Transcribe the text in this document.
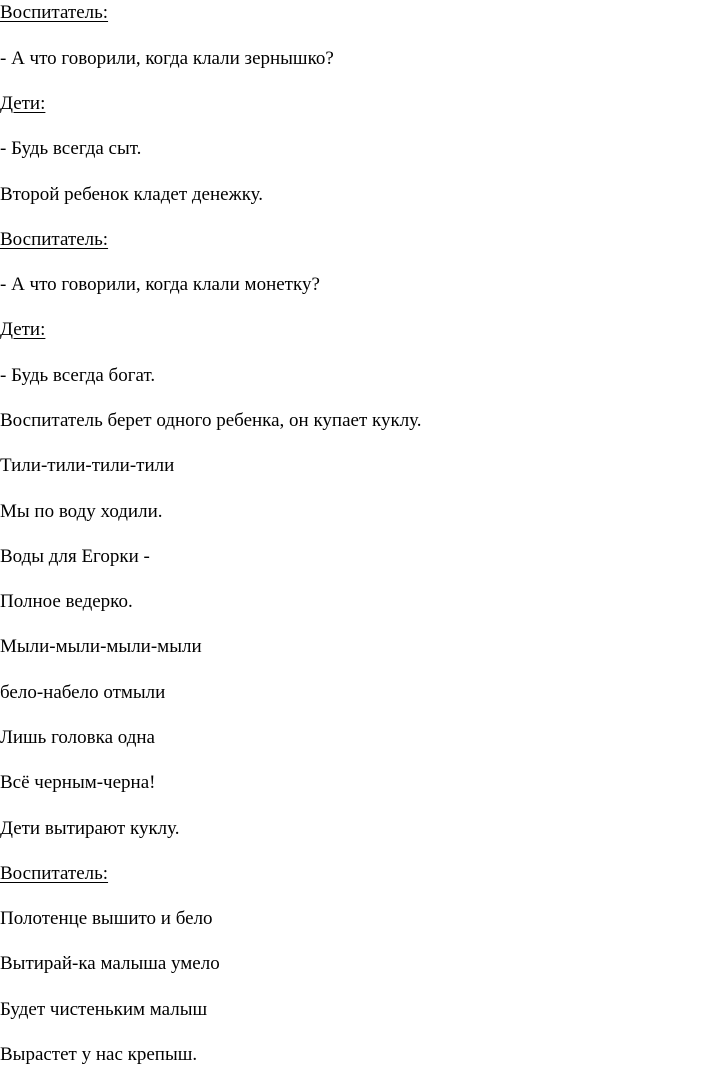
Воспитатель:

- А что говорили, когда клали зернышко?

Дети:

- Будь всегда сыт.

Второй ребенок кладет денежку.

Воспитатель:

- А что говорили, когда клали монетку?

Дети:

- Будь всегда богат.

Воспитатель берет одного ребенка, он купает куклу.

Тили-тили-тили-тили

Мы по воду ходили.

Воды для Егорки -

Полное ведерко.

Мыли-мыли-мыли-мыли

бело-набело отмыли

Лишь головка одна

Всё черным-черна!

Дети вытирают куклу.

Воспитатель:

Полотенце вышито и бело

Вытирай-ка малыша умело

Будет чистеньким малыш

Вырастет у нас крепыш.
